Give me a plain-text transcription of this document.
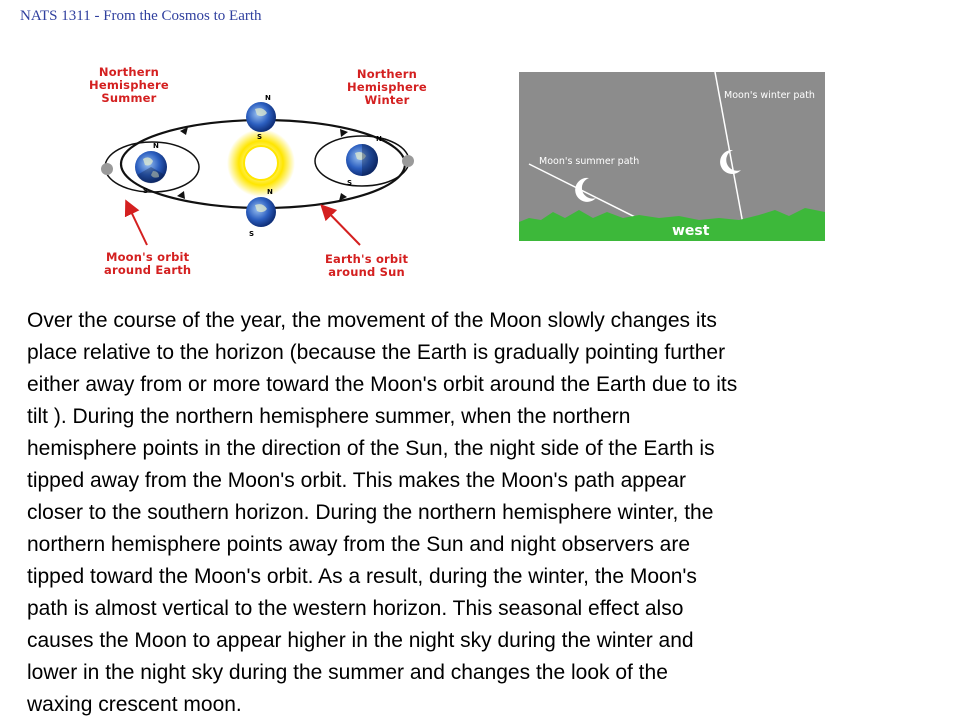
NATS 1311 - From the Cosmos to Earth
N
S
N
S
N
S
N
S
Northern
Hemisphere
Summer
Northern
Hemisphere
Winter
Moon's orbit
around Earth
Earth's orbit
around Sun
Moon's winter path
Moon's summer path
west

Over the course of the year, the movement of the Moon slowly changes its
place relative to the horizon (because the Earth is gradually pointing further
either away from or more toward the Moon's orbit around the Earth due to its
tilt ). During the northern hemisphere summer, when the northern
hemisphere points in the direction of the Sun, the night side of the Earth is
tipped away from the Moon's orbit. This makes the Moon's path appear
closer to the southern horizon. During the northern hemisphere winter, the
northern hemisphere points away from the Sun and night observers are
tipped toward the Moon's orbit. As a result, during the winter, the Moon's
path is almost vertical to the western horizon. This seasonal effect also
causes the Moon to appear higher in the night sky during the winter and
lower in the night sky during the summer and changes the look of the
waxing crescent moon.
